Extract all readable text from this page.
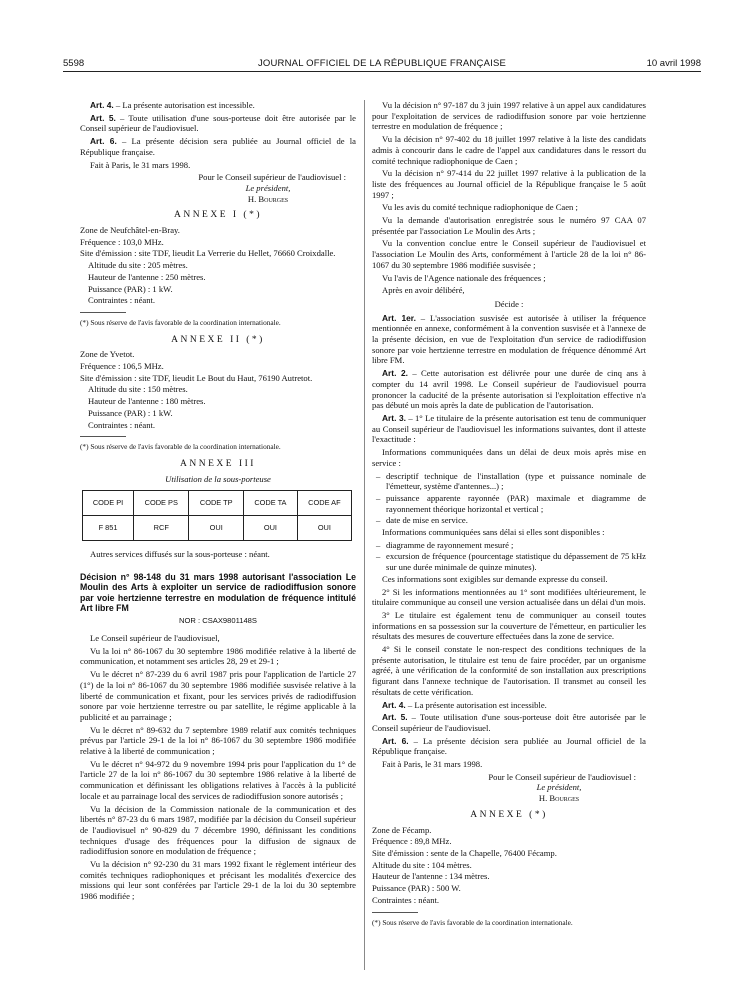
5598	JOURNAL OFFICIEL DE LA RÉPUBLIQUE FRANÇAISE	10 avril 1998

Art. 4. – La présente autorisation est incessible.

Art. 5. – Toute utilisation d'une sous-porteuse doit être autorisée par le Conseil supérieur de l'audiovisuel.

Art. 6. – La présente décision sera publiée au Journal officiel de la République française.

Fait à Paris, le 31 mars 1998.

Pour le Conseil supérieur de l'audiovisuel :
Le président,
H. Bourges
ANNEXE I (*)

Zone de Neufchâtel-en-Bray.

Fréquence : 103,0 MHz.

Site d'émission : site TDF, lieudit La Verrerie du Hellet, 76660 Croixdalle.

Altitude du site : 205 mètres.

Hauteur de l'antenne : 250 mètres.

Puissance (PAR) : 1 kW.

Contraintes : néant.

(*) Sous réserve de l'avis favorable de la coordination internationale.
ANNEXE II (*)

Zone de Yvetot.

Fréquence : 106,5 MHz.

Site d'émission : site TDF, lieudit Le Bout du Haut, 76190 Autretot.

Altitude du site : 150 mètres.

Hauteur de l'antenne : 180 mètres.

Puissance (PAR) : 1 kW.

Contraintes : néant.

(*) Sous réserve de l'avis favorable de la coordination internationale.
ANNEXE III
Utilisation de la sous-porteuse
CODE PI	CODE PS	CODE TP	CODE TA	CODE AF
F 851	RCF	OUI	OUI	OUI

Autres services diffusés sur la sous-porteuse : néant.

Décision n° 98-148 du 31 mars 1998 autorisant l'association Le Moulin des Arts à exploiter un service de radiodiffusion sonore par voie hertzienne terrestre en modulation de fréquence intitulé Art libre FM
NOR : CSAX9801148S

Le Conseil supérieur de l'audiovisuel,

Vu la loi n° 86-1067 du 30 septembre 1986 modifiée relative à la liberté de communication, et notamment ses articles 28, 29 et 29-1 ;

Vu le décret n° 87-239 du 6 avril 1987 pris pour l'application de l'article 27 (1°) de la loi n° 86-1067 du 30 septembre 1986 modifiée susvisée relative à la liberté de communication et fixant, pour les services privés de radiodiffusion sonore par voie hertzienne terrestre ou par satellite, le régime applicable à la publicité et au parrainage ;

Vu le décret n° 89-632 du 7 septembre 1989 relatif aux comités techniques prévus par l'article 29-1 de la loi n° 86-1067 du 30 septembre 1986 modifiée relative à la liberté de communication ;

Vu le décret n° 94-972 du 9 novembre 1994 pris pour l'application du 1° de l'article 27 de la loi n° 86-1067 du 30 septembre 1986 relative à la liberté de communication et définissant les obligations relatives à l'accès à la publicité locale et au parrainage local des services de radiodiffusion sonore autorisés ;

Vu la décision de la Commission nationale de la communication et des libertés n° 87-23 du 6 mars 1987, modifiée par la décision du Conseil supérieur de l'audiovisuel n° 90-829 du 7 décembre 1990, définissant les conditions techniques d'usage des fréquences pour la diffusion de signaux de radiodiffusion sonore en modulation de fréquence ;

Vu la décision n° 92-230 du 31 mars 1992 fixant le règlement intérieur des comités techniques radiophoniques et précisant les modalités d'exercice des missions qui leur sont conférées par l'article 29-1 de la loi du 30 septembre 1986 modifiée ;

Vu la décision n° 97-187 du 3 juin 1997 relative à un appel aux candidatures pour l'exploitation de services de radiodiffusion sonore par voie hertzienne terrestre en modulation de fréquence ;

Vu la décision n° 97-402 du 18 juillet 1997 relative à la liste des candidats admis à concourir dans le cadre de l'appel aux candidatures dans le ressort du comité technique radiophonique de Caen ;

Vu la décision n° 97-414 du 22 juillet 1997 relative à la publication de la liste des fréquences au Journal officiel de la République française le 5 août 1997 ;

Vu les avis du comité technique radiophonique de Caen ;

Vu la demande d'autorisation enregistrée sous le numéro 97 CAA 07 présentée par l'association Le Moulin des Arts ;

Vu la convention conclue entre le Conseil supérieur de l'audiovisuel et l'association Le Moulin des Arts, conformément à l'article 28 de la loi n° 86-1067 du 30 septembre 1986 modifiée susvisée ;

Vu l'avis de l'Agence nationale des fréquences ;

Après en avoir délibéré,

Décide :

Art. 1er. – L'association susvisée est autorisée à utiliser la fréquence mentionnée en annexe, conformément à la convention susvisée et à l'annexe de la présente décision, en vue de l'exploitation d'un service de radiodiffusion sonore par voie hertzienne terrestre en modulation de fréquence dénommé Art libre FM.

Art. 2. – Cette autorisation est délivrée pour une durée de cinq ans à compter du 14 avril 1998. Le Conseil supérieur de l'audiovisuel pourra prononcer la caducité de la présente autorisation si l'exploitation effective n'a pas débuté un mois après la date de publication de l'autorisation.

Art. 3. – 1° Le titulaire de la présente autorisation est tenu de communiquer au Conseil supérieur de l'audiovisuel les informations suivantes, dont il atteste l'exactitude :

Informations communiquées dans un délai de deux mois après mise en service :

– descriptif technique de l'installation (type et puissance nominale de l'émetteur, système d'antennes...) ;

– puissance apparente rayonnée (PAR) maximale et diagramme de rayonnement théorique horizontal et vertical ;

– date de mise en service.

Informations communiquées sans délai si elles sont disponibles :

– diagramme de rayonnement mesuré ;

– excursion de fréquence (pourcentage statistique du dépassement de 75 kHz sur une durée minimale de quinze minutes).

Ces informations sont exigibles sur demande expresse du conseil.

2° Si les informations mentionnées au 1° sont modifiées ultérieurement, le titulaire communique au conseil une version actualisée dans un délai d'un mois.

3° Le titulaire est également tenu de communiquer au conseil toutes informations en sa possession sur la couverture de l'émetteur, en particulier les résultats des mesures de couverture effectuées dans la zone de service.

4° Si le conseil constate le non-respect des conditions techniques de la présente autorisation, le titulaire est tenu de faire procéder, par un organisme agréé, à une vérification de la conformité de son installation aux prescriptions figurant dans l'annexe technique de l'autorisation. Il transmet au conseil les résultats de cette vérification.

Art. 4. – La présente autorisation est incessible.

Art. 5. – Toute utilisation d'une sous-porteuse doit être autorisée par le Conseil supérieur de l'audiovisuel.

Art. 6. – La présente décision sera publiée au Journal officiel de la République française.

Fait à Paris, le 31 mars 1998.

Pour le Conseil supérieur de l'audiovisuel :
Le président,
H. Bourges
ANNEXE (*)

Zone de Fécamp.

Fréquence : 89,8 MHz.

Site d'émission : sente de la Chapelle, 76400 Fécamp.

Altitude du site : 104 mètres.

Hauteur de l'antenne : 134 mètres.

Puissance (PAR) : 500 W.

Contraintes : néant.

(*) Sous réserve de l'avis favorable de la coordination internationale.
